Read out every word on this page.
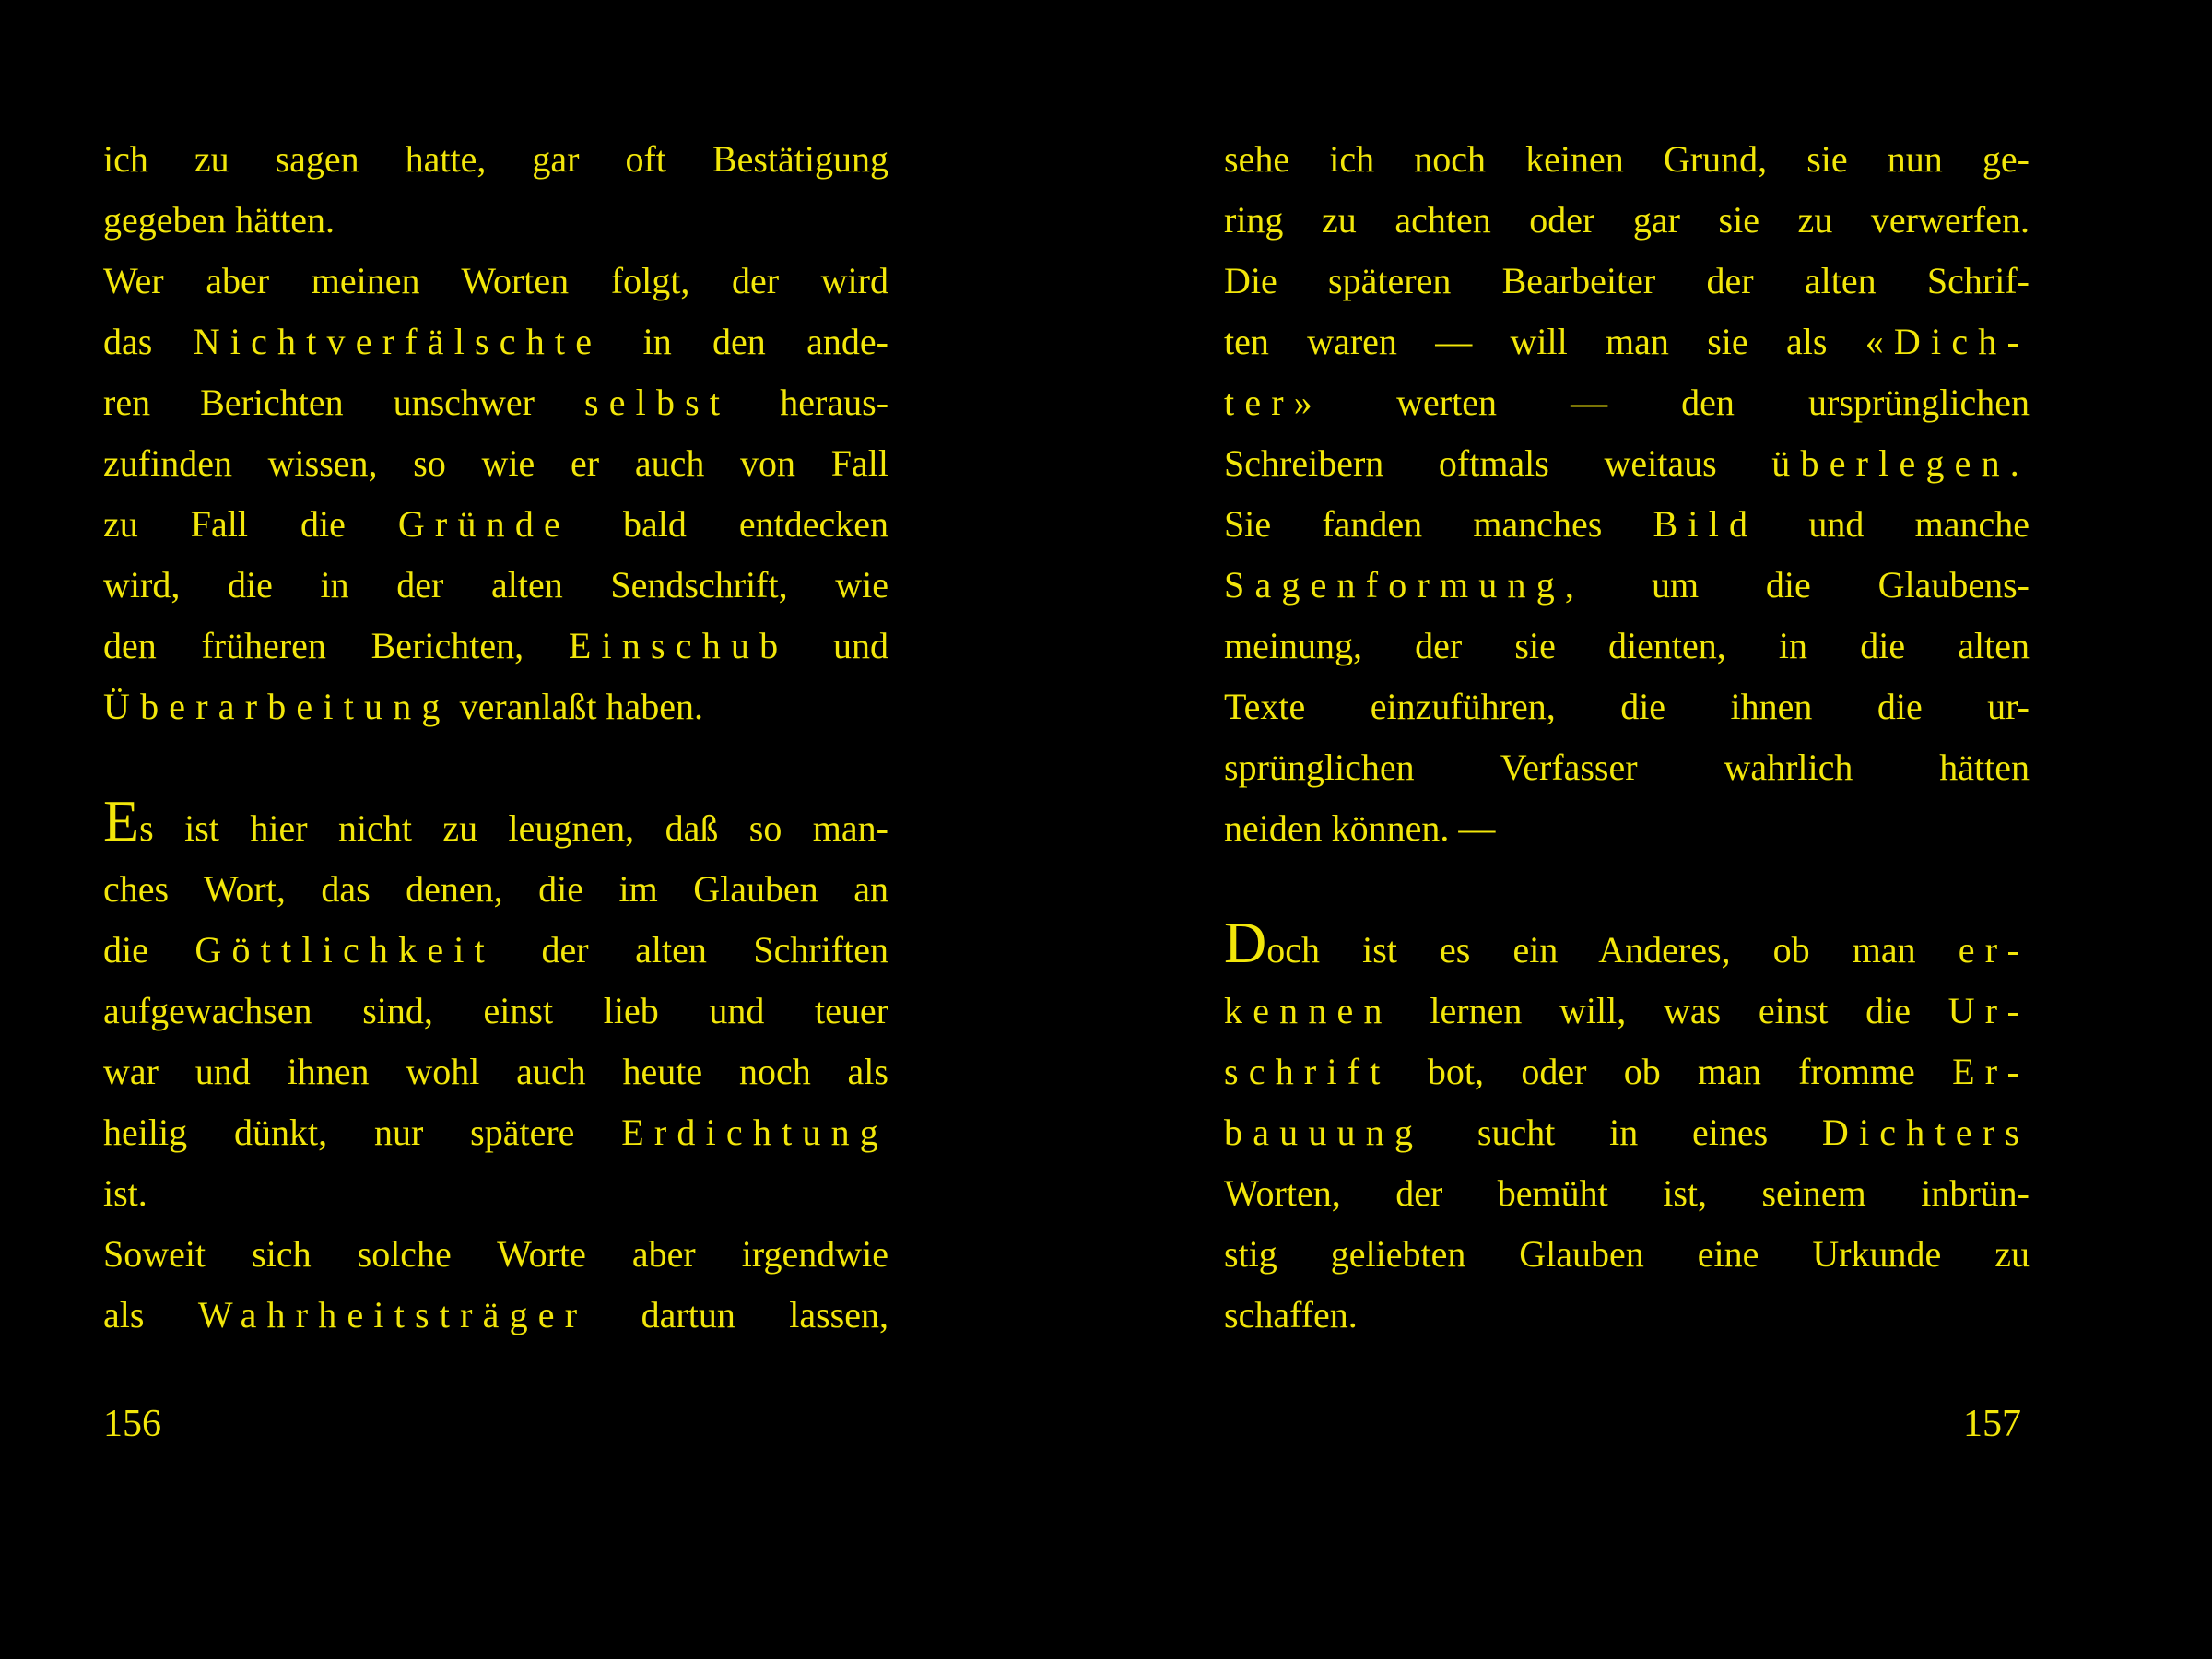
ich zu sagen hatte, gar oft Bestätigung
gegeben hätten.
Wer aber meinen Worten folgt, der wird
das Nichtverfälschte in den ande-
ren Berichten unschwer selbst heraus-
zufinden wissen, so wie er auch von Fall
zu Fall die Gründe bald entdecken
wird, die in der alten Sendschrift, wie
den früheren Berichten, Einschub und
Überarbeitung veranlaßt haben.
Es ist hier nicht zu leugnen, daß so man-
ches Wort, das denen, die im Glauben an
die Göttlichkeit der alten Schriften
aufgewachsen sind, einst lieb und teuer
war und ihnen wohl auch heute noch als
heilig dünkt, nur spätere Erdichtung
ist.
Soweit sich solche Worte aber irgendwie
als Wahrheitsträger dartun lassen,
156
sehe ich noch keinen Grund, sie nun ge-
ring zu achten oder gar sie zu verwerfen.
Die späteren Bearbeiter der alten Schrif-
ten waren — will man sie als «Dich-
ter» werten — den ursprünglichen
Schreibern oftmals weitaus überlegen.
Sie fanden manches Bild und manche
Sagenformung, um die Glaubens-
meinung, der sie dienten, in die alten
Texte einzuführen, die ihnen die ur-
sprünglichen Verfasser wahrlich hätten
neiden können. —
Doch ist es ein Anderes, ob man er-
kennen lernen will, was einst die Ur-
schrift bot, oder ob man fromme Er-
bauuung sucht in eines Dichters
Worten, der bemüht ist, seinem inbrün-
stig geliebten Glauben eine Urkunde zu
schaffen.
157
